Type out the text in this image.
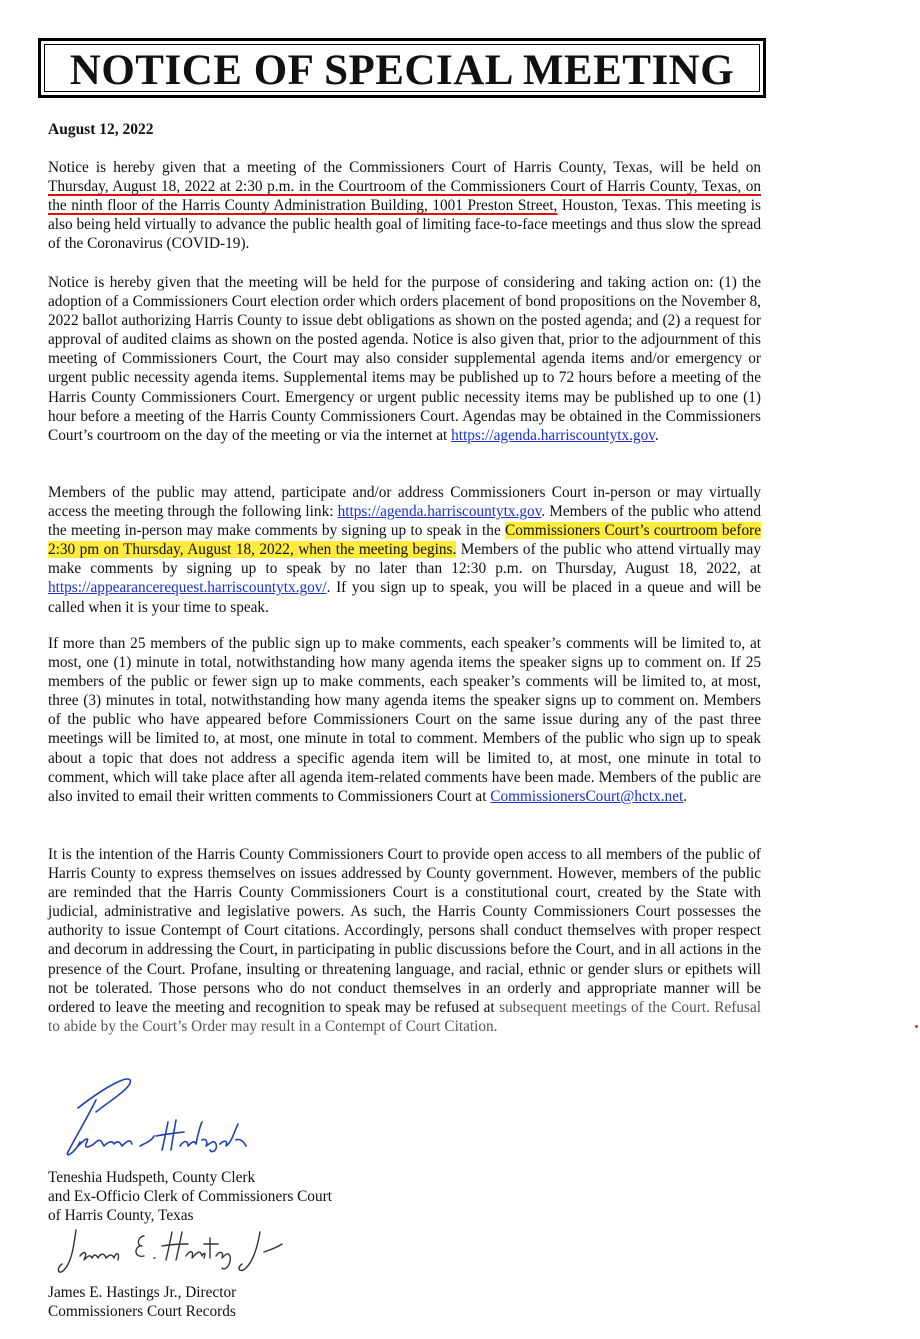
NOTICE OF SPECIAL MEETING
August 12, 2022

Notice is hereby given that a meeting of the Commissioners Court of Harris County, Texas, will be held on Thursday, August 18, 2022 at 2:30 p.m. in the Courtroom of the Commissioners Court of Harris County, Texas, on the ninth floor of the Harris County Administration Building, 1001 Preston Street, Houston, Texas. This meeting is also being held virtually to advance the public health goal of limiting face-to-face meetings and thus slow the spread of the Coronavirus (COVID-19).

Notice is hereby given that the meeting will be held for the purpose of considering and taking action on: (1) the adoption of a Commissioners Court election order which orders placement of bond propositions on the November 8, 2022 ballot authorizing Harris County to issue debt obligations as shown on the posted agenda; and (2) a request for approval of audited claims as shown on the posted agenda. Notice is also given that, prior to the adjournment of this meeting of Commissioners Court, the Court may also consider supplemental agenda items and/or emergency or urgent public necessity agenda items. Supplemental items may be published up to 72 hours before a meeting of the Harris County Commissioners Court. Emergency or urgent public necessity items may be published up to one (1) hour before a meeting of the Harris County Commissioners Court. Agendas may be obtained in the Commissioners Court’s courtroom on the day of the meeting or via the internet at https://agenda.harriscountytx.gov.

Members of the public may attend, participate and/or address Commissioners Court in-person or may virtually access the meeting through the following link: https://agenda.harriscountytx.gov. Members of the public who attend the meeting in-person may make comments by signing up to speak in the Commissioners Court’s courtroom before 2:30 pm on Thursday, August 18, 2022, when the meeting begins. Members of the public who attend virtually may make comments by signing up to speak by no later than 12:30 p.m. on Thursday, August 18, 2022, at https://appearancerequest.harriscountytx.gov/. If you sign up to speak, you will be placed in a queue and will be called when it is your time to speak.

If more than 25 members of the public sign up to make comments, each speaker’s comments will be limited to, at most, one (1) minute in total, notwithstanding how many agenda items the speaker signs up to comment on. If 25 members of the public or fewer sign up to make comments, each speaker’s comments will be limited to, at most, three (3) minutes in total, notwithstanding how many agenda items the speaker signs up to comment on. Members of the public who have appeared before Commissioners Court on the same issue during any of the past three meetings will be limited to, at most, one minute in total to comment. Members of the public who sign up to speak about a topic that does not address a specific agenda item will be limited to, at most, one minute in total to comment, which will take place after all agenda item-related comments have been made. Members of the public are also invited to email their written comments to Commissioners Court at CommissionersCourt@hctx.net.

It is the intention of the Harris County Commissioners Court to provide open access to all members of the public of Harris County to express themselves on issues addressed by County government. However, members of the public are reminded that the Harris County Commissioners Court is a constitutional court, created by the State with judicial, administrative and legislative powers. As such, the Harris County Commissioners Court possesses the authority to issue Contempt of Court citations. Accordingly, persons shall conduct themselves with proper respect and decorum in addressing the Court, in participating in public discussions before the Court, and in all actions in the presence of the Court. Profane, insulting or threatening language, and racial, ethnic or gender slurs or epithets will not be tolerated. Those persons who do not conduct themselves in an orderly and appropriate manner will be ordered to leave the meeting and recognition to speak may be refused at subsequent meetings of the Court. Refusal to abide by the Court’s Order may result in a Contempt of Court Citation.

Teneshia Hudspeth, County Clerk
and Ex-Officio Clerk of Commissioners Court
of Harris County, Texas
James E. Hastings Jr., Director
Commissioners Court Records
